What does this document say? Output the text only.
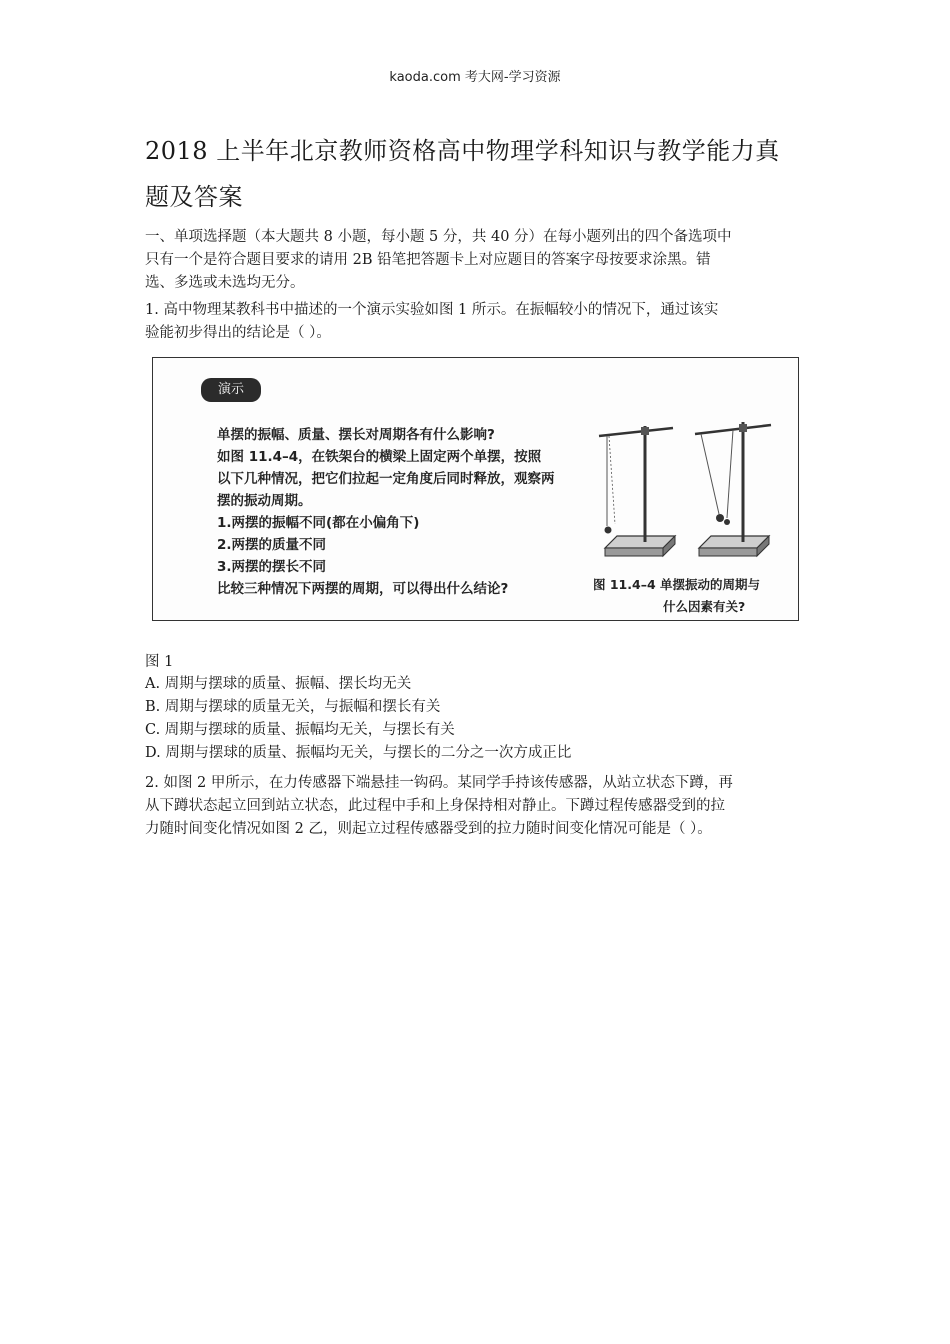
kaoda.com 考大网-学习资源
2018 上半年北京教师资格高中物理学科知识与教学能力真
题及答案
一、单项选择题（本大题共 8 小题，每小题 5 分，共 40 分）在每小题列出的四个备选项中
只有一个是符合题目要求的请用 2B 铅笔把答题卡上对应题目的答案字母按要求涂黑。错
选、多选或未选均无分。
1. 高中物理某教科书中描述的一个演示实验如图 1 所示。在振幅较小的情况下，通过该实
验能初步得出的结论是（ ）。
演示
单摆的振幅、质量、摆长对周期各有什么影响?
如图 11.4–4，在铁架台的横梁上固定两个单摆，按照
以下几种情况，把它们拉起一定角度后同时释放，观察两
摆的振动周期。
1.两摆的振幅不同(都在小偏角下)
2.两摆的质量不同
3.两摆的摆长不同
比较三种情况下两摆的周期，可以得出什么结论?	图 11.4–4 单摆振动的周期与
什么因素有关?
图 1
A. 周期与摆球的质量、振幅、摆长均无关
B. 周期与摆球的质量无关，与振幅和摆长有关
C. 周期与摆球的质量、振幅均无关，与摆长有关
D. 周期与摆球的质量、振幅均无关，与摆长的二分之一次方成正比
2. 如图 2 甲所示，在力传感器下端悬挂一钩码。某同学手持该传感器，从站立状态下蹲，再
从下蹲状态起立回到站立状态，此过程中手和上身保持相对静止。下蹲过程传感器受到的拉
力随时间变化情况如图 2 乙，则起立过程传感器受到的拉力随时间变化情况可能是（ ）。
